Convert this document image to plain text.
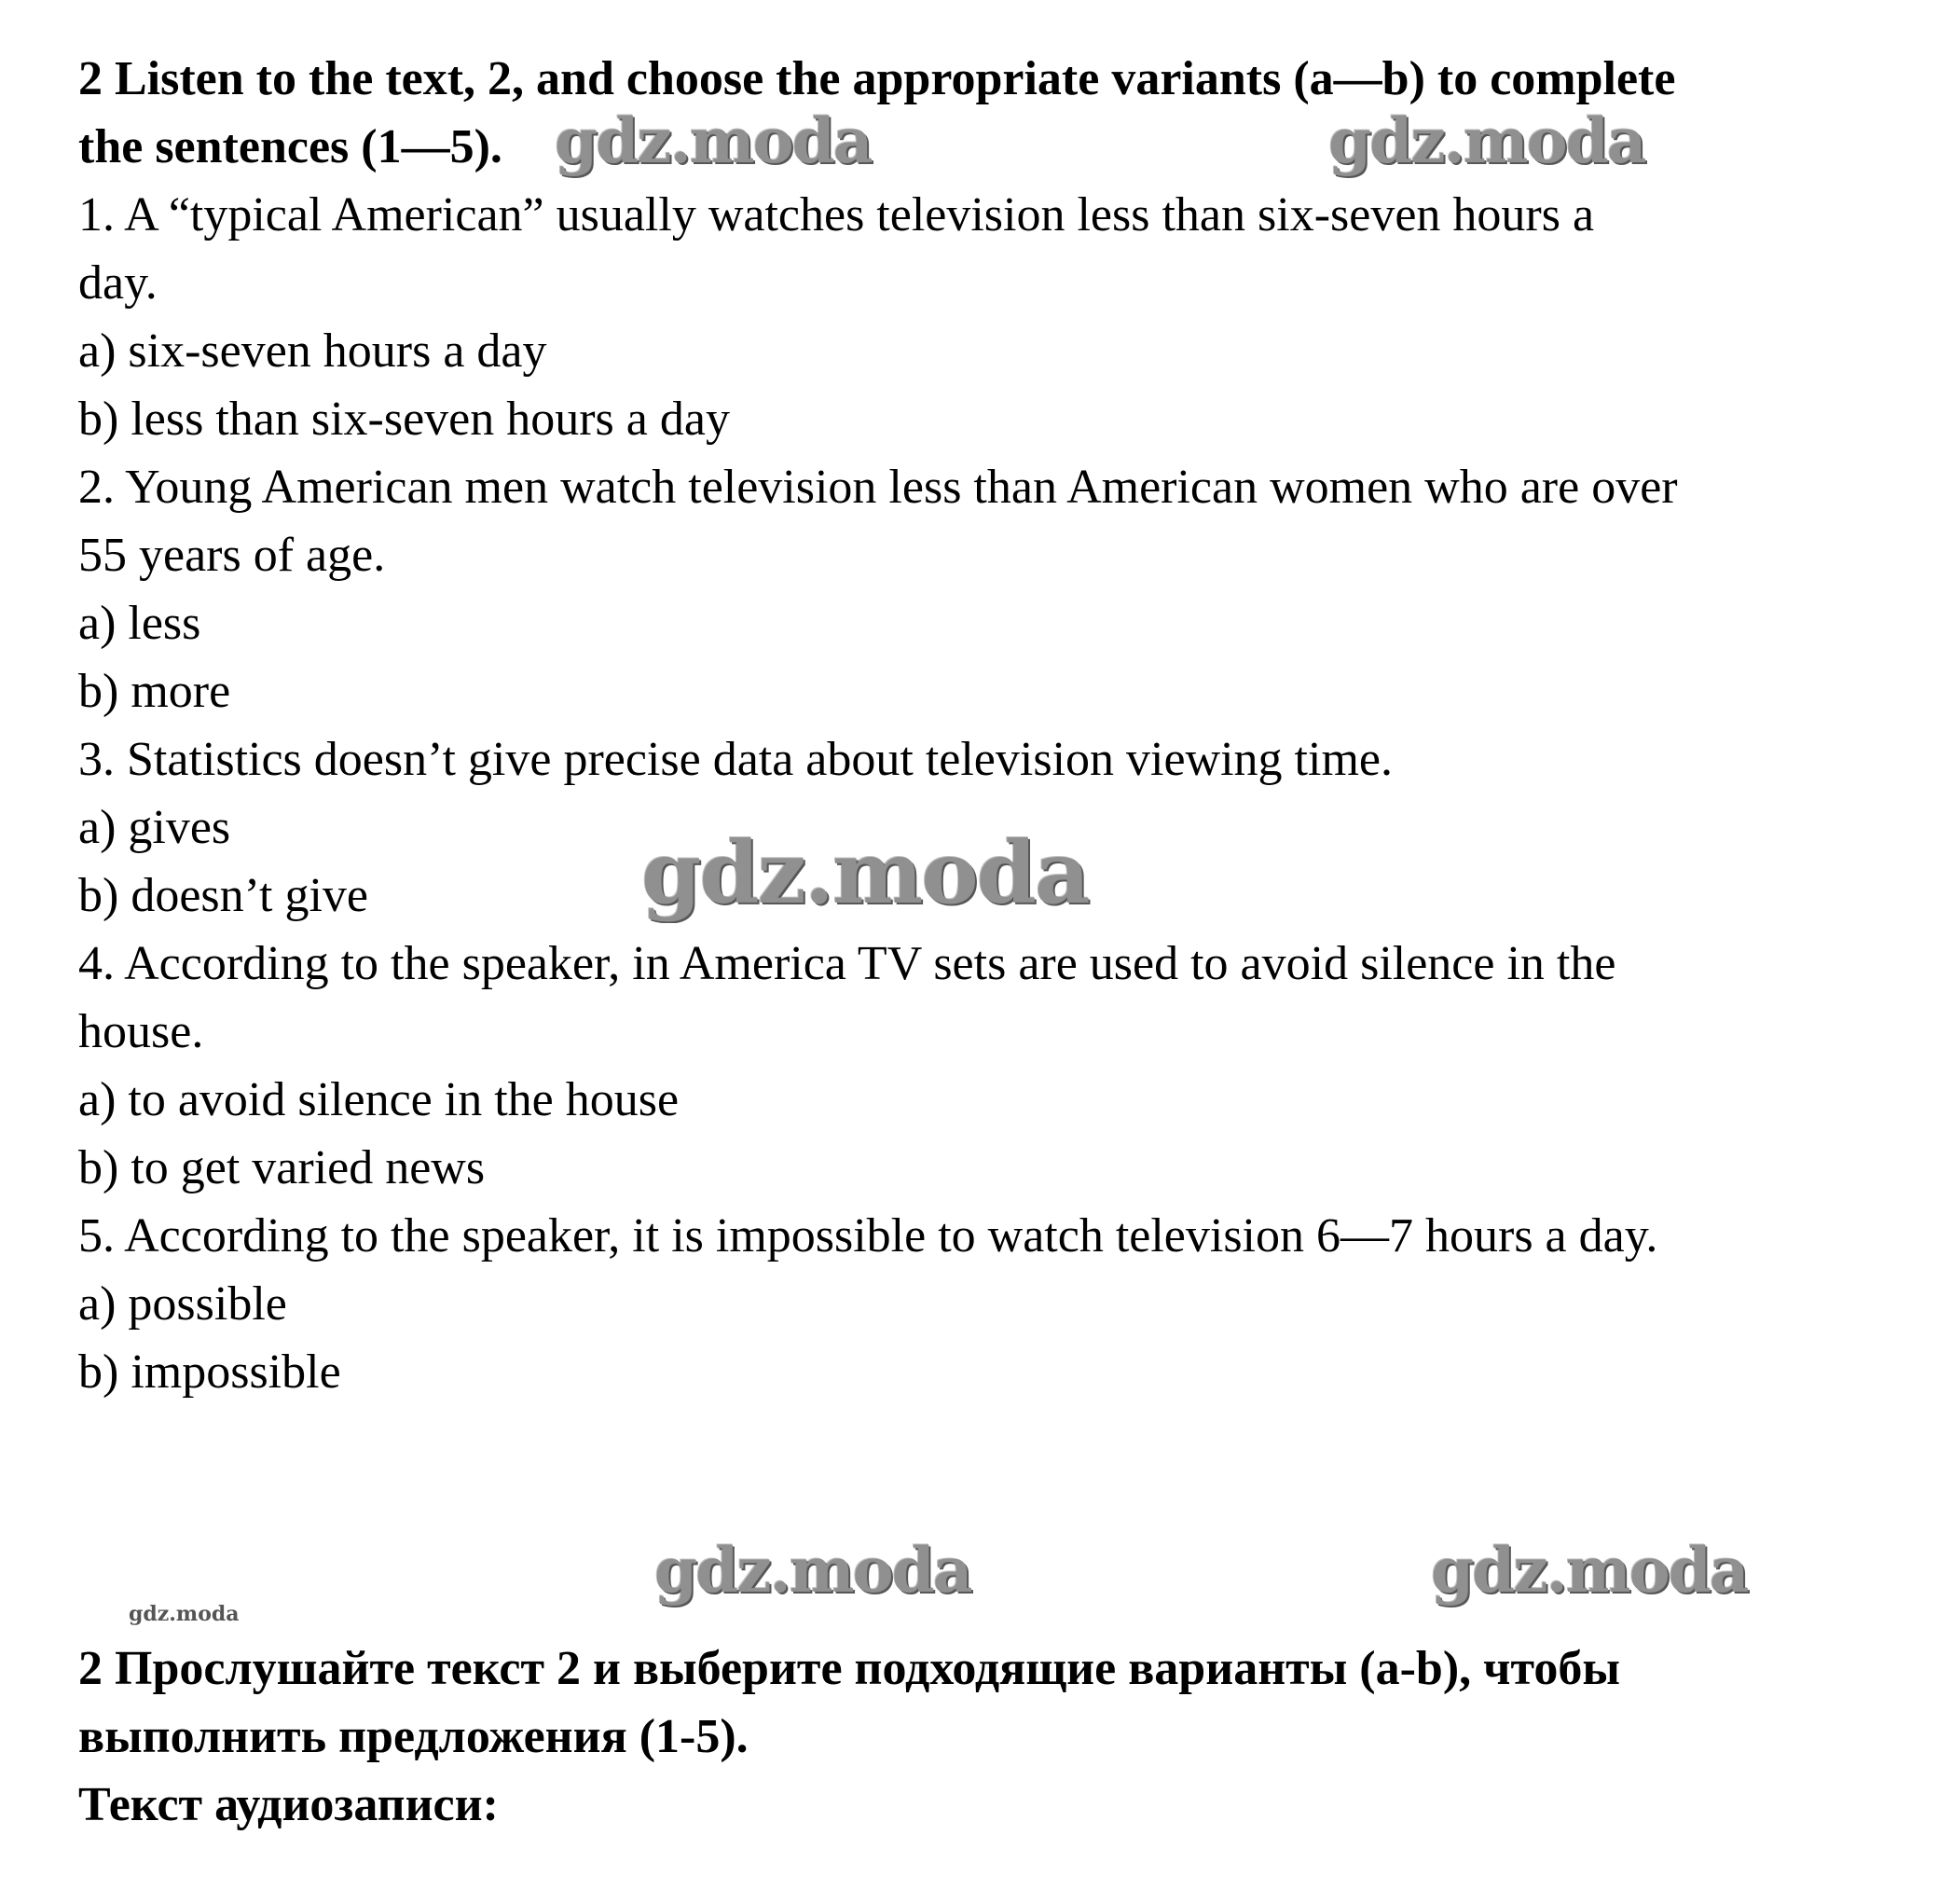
2 Listen to the text, 2, and choose the appropriate variants (a—b) to complete

the sentences (1—5).

1. A “typical American” usually watches television less than six-seven hours a

day.

a) six-seven hours a day

b) less than six-seven hours a day

2. Young American men watch television less than American women who are over

55 years of age.

a) less

b) more

3. Statistics doesn’t give precise data about television viewing time.

a) gives

b) doesn’t give

4. According to the speaker, in America TV sets are used to avoid silence in the

house.

a) to avoid silence in the house

b) to get varied news

5. According to the speaker, it is impossible to watch television 6—7 hours a day.

a) possible

b) impossible

2 Прослушайте текст 2 и выберите подходящие варианты (a-b), чтобы

выполнить предложения (1-5).

Текст аудиозаписи:

gdz.moda	gdz.moda
gdz.moda
gdz.moda	gdz.moda
gdz.moda
